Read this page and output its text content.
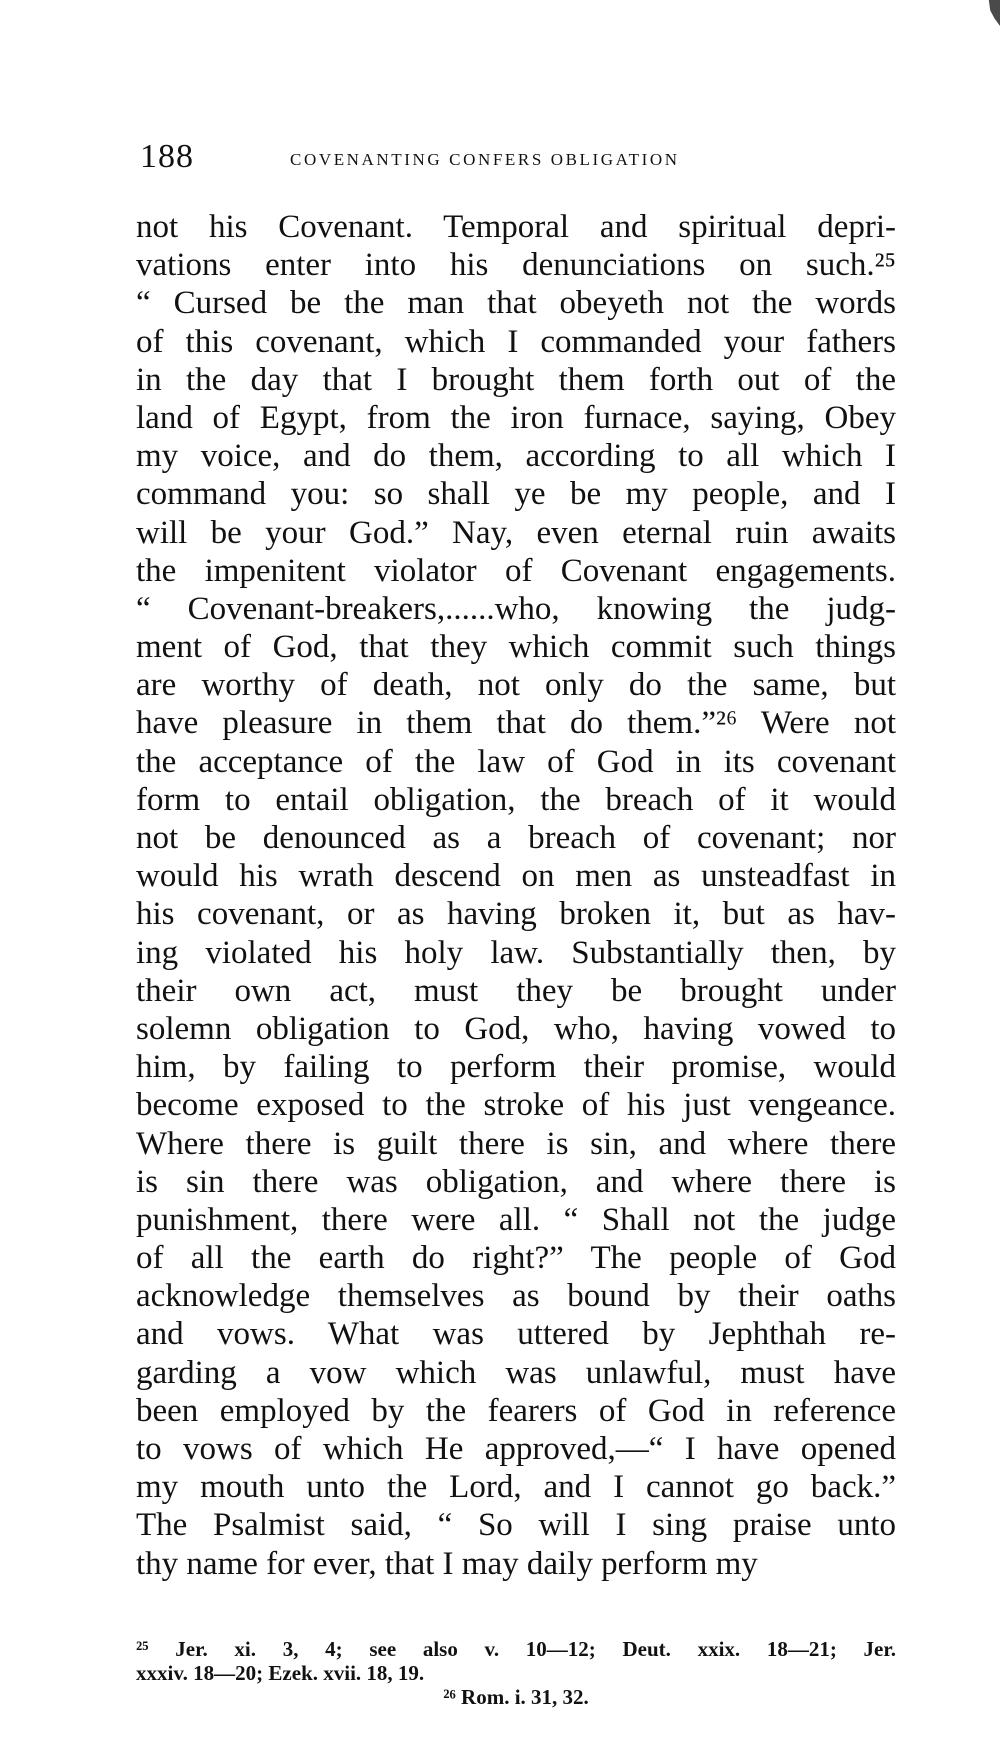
188	COVENANTING CONFERS OBLIGATION
not his Covenant. Temporal and spiritual depri-
vations enter into his denunciations on such.²⁵
“ Cursed be the man that obeyeth not the words
of this covenant, which I commanded your fathers
in the day that I brought them forth out of the
land of Egypt, from the iron furnace, saying, Obey
my voice, and do them, according to all which I
command you: so shall ye be my people, and I
will be your God.” Nay, even eternal ruin awaits
the impenitent violator of Covenant engagements.
“ Covenant-breakers,......who, knowing the judg-
ment of God, that they which commit such things
are worthy of death, not only do the same, but
have pleasure in them that do them.”²⁶ Were not
the acceptance of the law of God in its covenant
form to entail obligation, the breach of it would
not be denounced as a breach of covenant; nor
would his wrath descend on men as unsteadfast in
his covenant, or as having broken it, but as hav-
ing violated his holy law. Substantially then, by
their own act, must they be brought under
solemn obligation to God, who, having vowed to
him, by failing to perform their promise, would
become exposed to the stroke of his just vengeance.
Where there is guilt there is sin, and where there
is sin there was obligation, and where there is
punishment, there were all. “ Shall not the judge
of all the earth do right?” The people of God
acknowledge themselves as bound by their oaths
and vows. What was uttered by Jephthah re-
garding a vow which was unlawful, must have
been employed by the fearers of God in reference
to vows of which He approved,—“ I have opened
my mouth unto the Lord, and I cannot go back.”
The Psalmist said, “ So will I sing praise unto
thy name for ever, that I may daily perform my
²⁵ Jer. xi. 3, 4; see also v. 10—12; Deut. xxix. 18—21; Jer.
xxxiv. 18—20; Ezek. xvii. 18, 19.
²⁶ Rom. i. 31, 32.
